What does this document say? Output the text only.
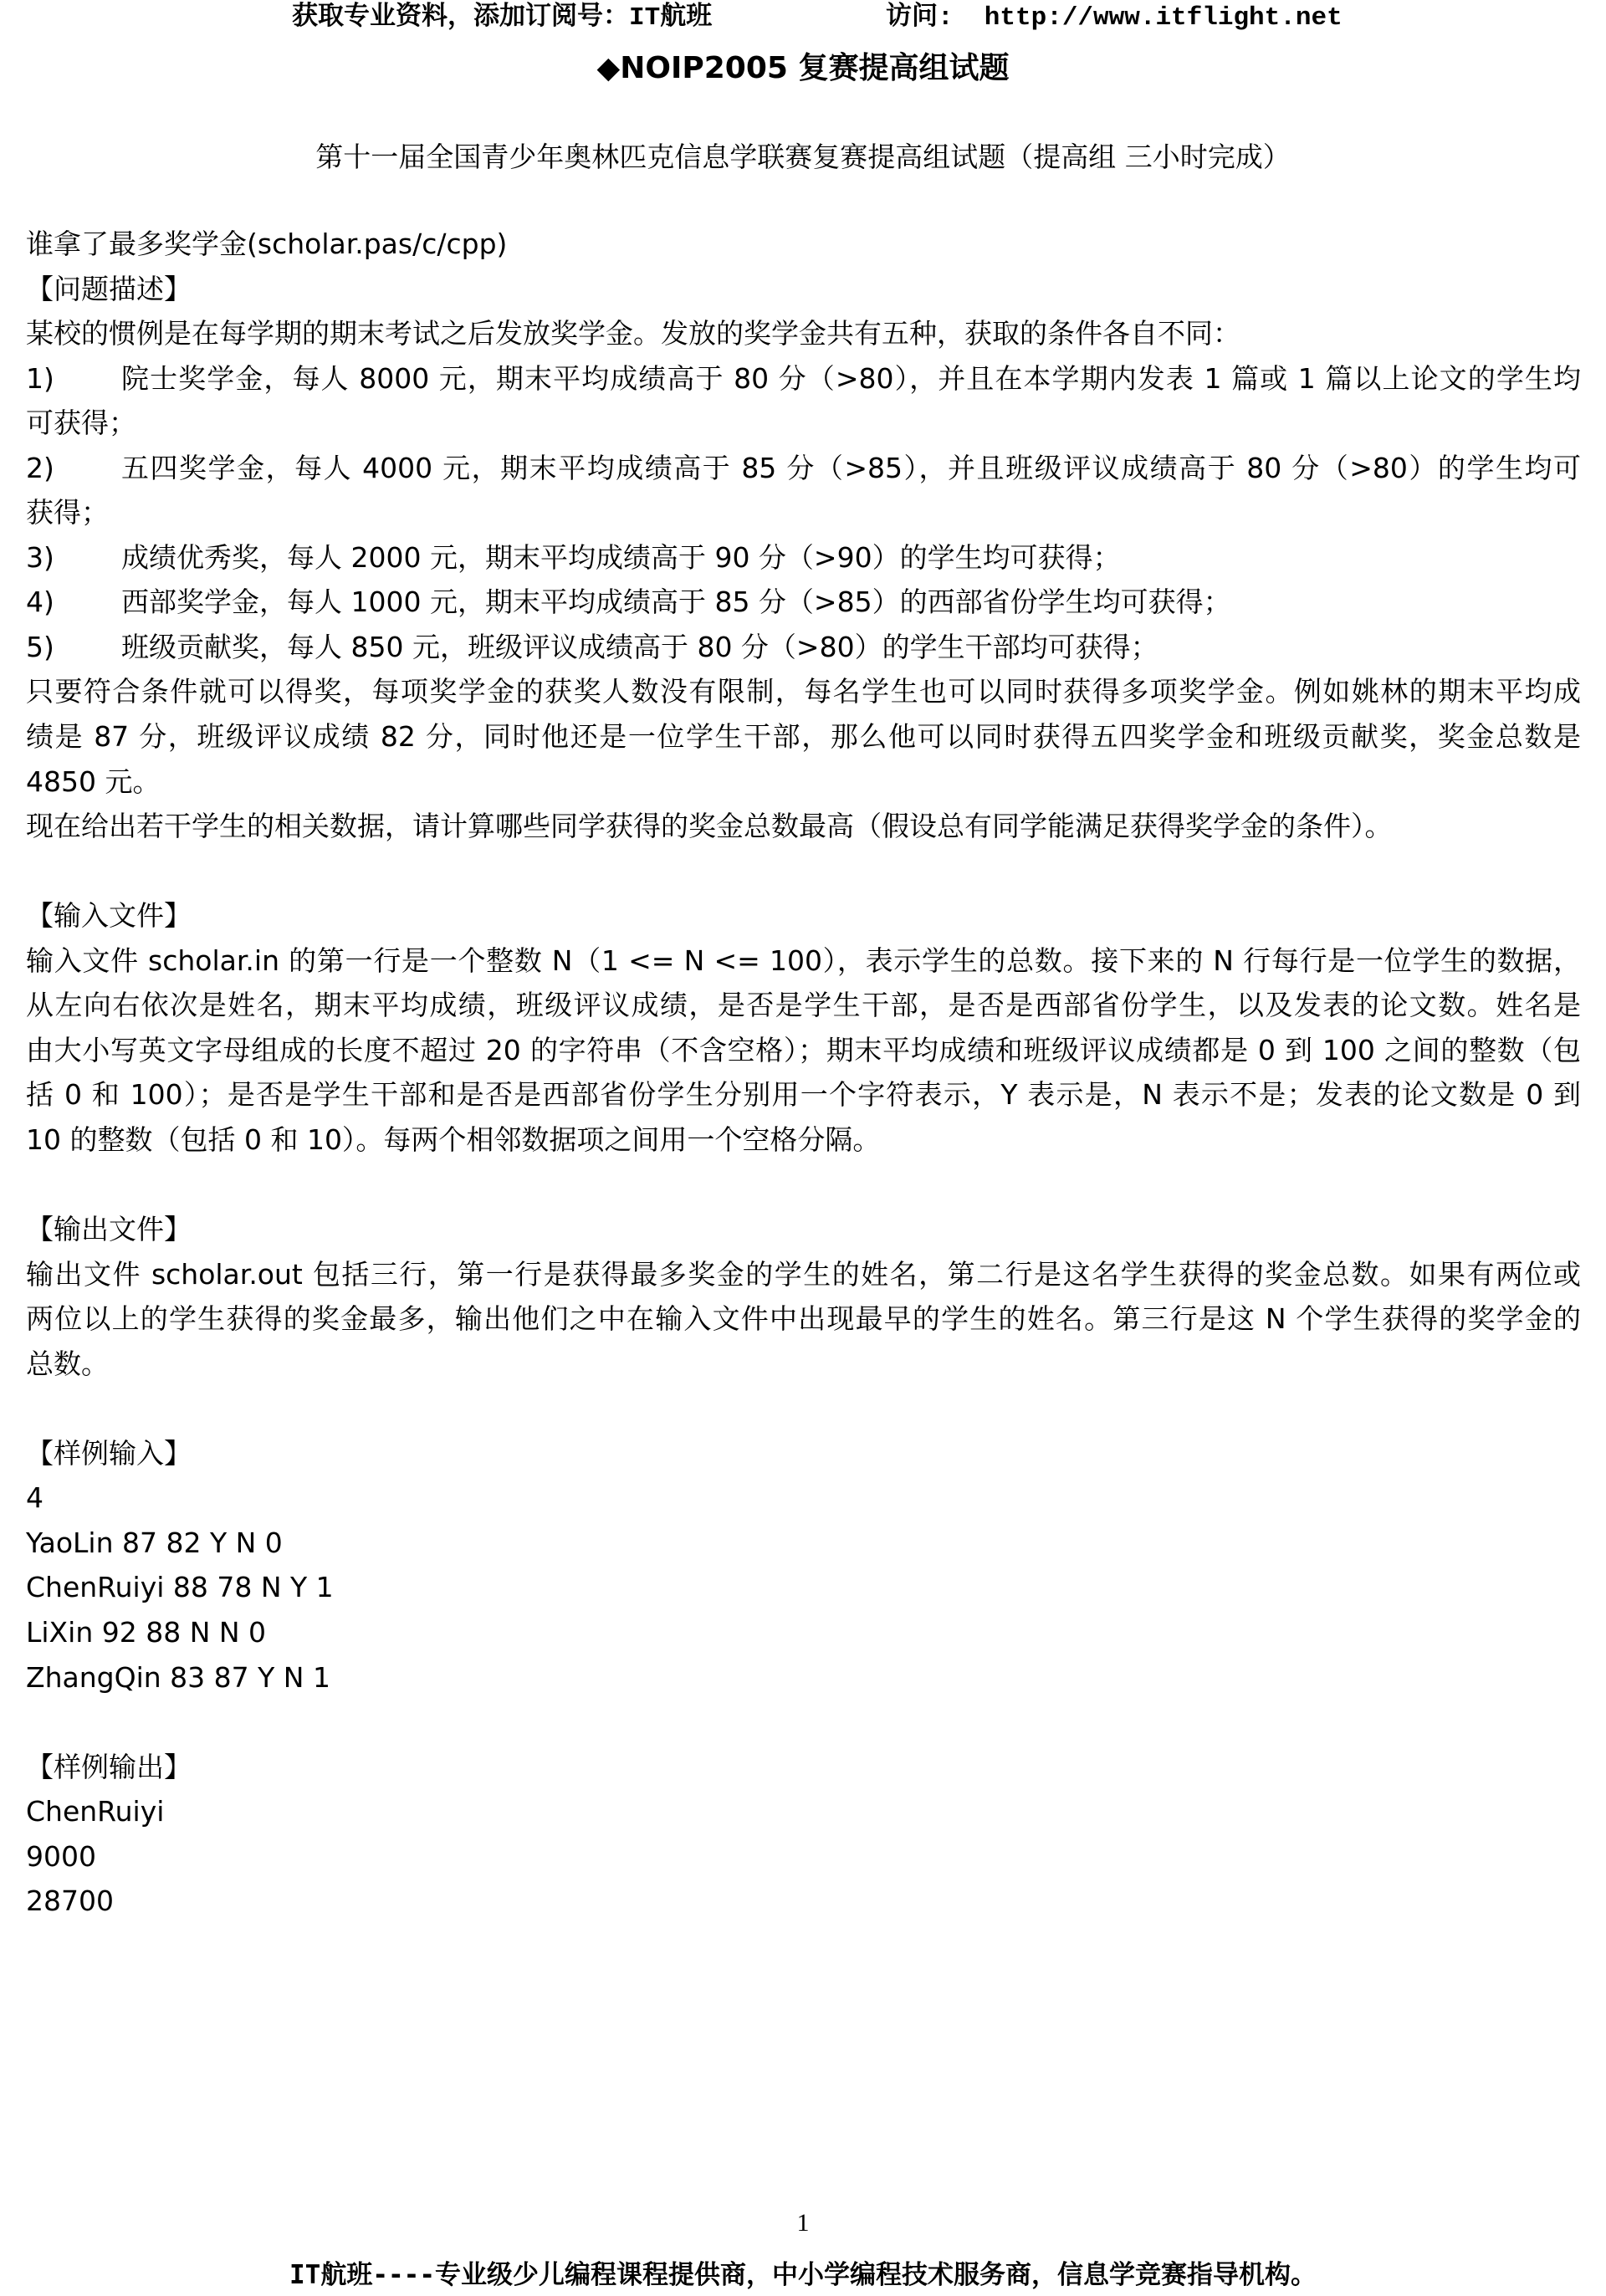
获取专业资料，添加订阅号：IT航班	访问:  http://www.itflight.net
◆NOIP2005 复赛提高组试题
第十一届全国青少年奥林匹克信息学联赛复赛提高组试题（提高组 三小时完成）
谁拿了最多奖学金(scholar.pas/c/cpp)
【问题描述】
某校的惯例是在每学期的期末考试之后发放奖学金。发放的奖学金共有五种，获取的条件各自不同：
1)	院士奖学金，每人 8000 元，期末平均成绩高于 80 分（>80），并且在本学期内发表 1 篇或 1 篇以上论文的学生均
可获得；
2)	五四奖学金，每人 4000 元，期末平均成绩高于 85 分（>85），并且班级评议成绩高于 80 分（>80）的学生均可
获得；
3)	成绩优秀奖，每人 2000 元，期末平均成绩高于 90 分（>90）的学生均可获得；
4)	西部奖学金，每人 1000 元，期末平均成绩高于 85 分（>85）的西部省份学生均可获得；
5)	班级贡献奖，每人 850 元，班级评议成绩高于 80 分（>80）的学生干部均可获得；
只要符合条件就可以得奖，每项奖学金的获奖人数没有限制，每名学生也可以同时获得多项奖学金。例如姚林的期末平均成
绩是 87 分，班级评议成绩 82 分，同时他还是一位学生干部，那么他可以同时获得五四奖学金和班级贡献奖，奖金总数是
4850 元。
现在给出若干学生的相关数据，请计算哪些同学获得的奖金总数最高（假设总有同学能满足获得奖学金的条件）。
【输入文件】
输入文件 scholar.in 的第一行是一个整数 N（1 <= N <= 100），表示学生的总数。接下来的 N 行每行是一位学生的数据，
从左向右依次是姓名，期末平均成绩，班级评议成绩，是否是学生干部，是否是西部省份学生，以及发表的论文数。姓名是
由大小写英文字母组成的长度不超过 20 的字符串（不含空格）；期末平均成绩和班级评议成绩都是 0 到 100 之间的整数（包
括 0 和 100）；是否是学生干部和是否是西部省份学生分别用一个字符表示，Y 表示是，N 表示不是；发表的论文数是 0 到
10 的整数（包括 0 和 10）。每两个相邻数据项之间用一个空格分隔。
【输出文件】
输出文件 scholar.out 包括三行，第一行是获得最多奖金的学生的姓名，第二行是这名学生获得的奖金总数。如果有两位或
两位以上的学生获得的奖金最多，输出他们之中在输入文件中出现最早的学生的姓名。第三行是这 N 个学生获得的奖学金的
总数。
【样例输入】
4
YaoLin 87 82 Y N 0
ChenRuiyi 88 78 N Y 1
LiXin 92 88 N N 0
ZhangQin 83 87 Y N 1
【样例输出】
ChenRuiyi
9000
28700
1
IT航班----专业级少儿编程课程提供商，中小学编程技术服务商，信息学竞赛指导机构。
